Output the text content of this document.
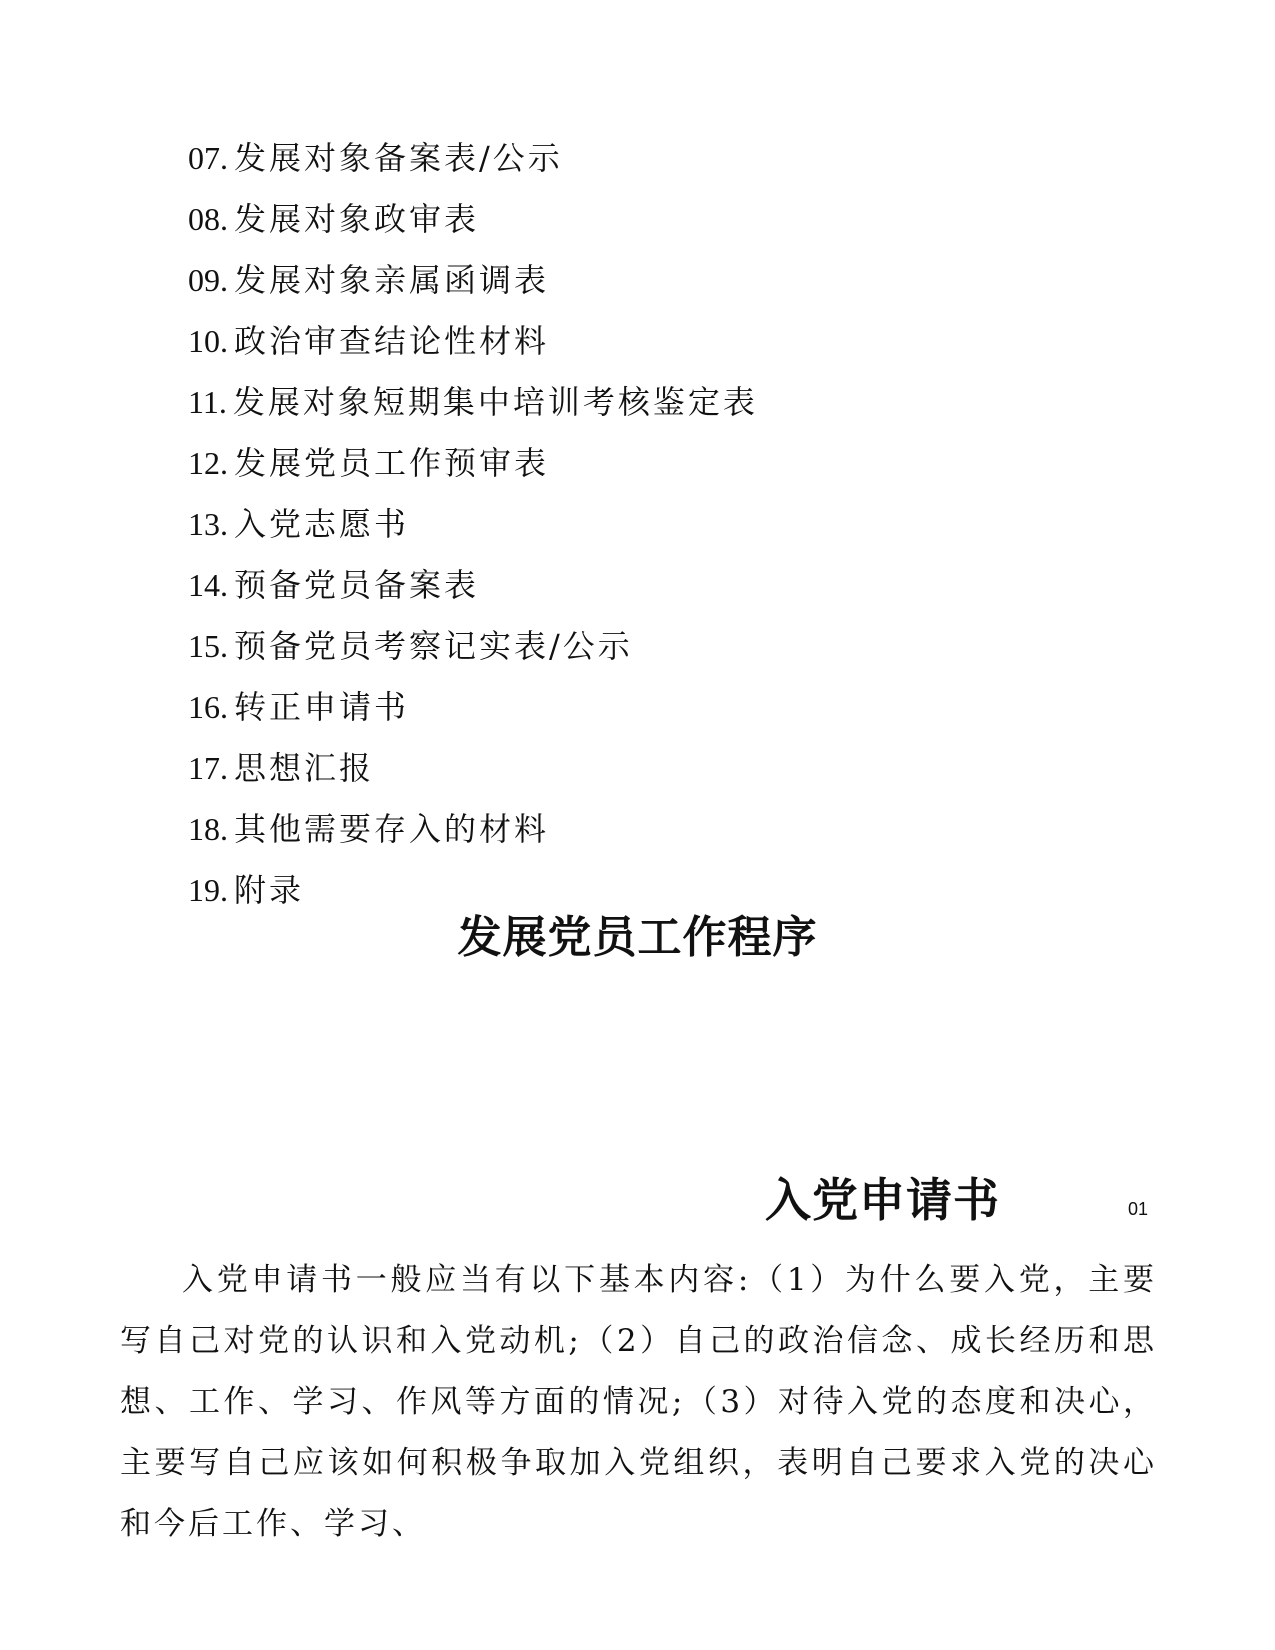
07. 发展对象备案表/公示
08. 发展对象政审表
09. 发展对象亲属函调表
10. 政治审查结论性材料
11. 发展对象短期集中培训考核鉴定表
12. 发展党员工作预审表
13. 入党志愿书
14. 预备党员备案表
15. 预备党员考察记实表/公示
16. 转正申请书
17. 思想汇报
18. 其他需要存入的材料
19. 附录
发展党员工作程序
入党申请书	01

入党申请书一般应当有以下基本内容:（1）为什么要入党，主要写自己对党的认识和入党动机;（2）自己的政治信念、成长经历和思想、工作、学习、作风等方面的情况;（3）对待入党的态度和决心，主要写自己应该如何积极争取加入党组织，表明自己要求入党的决心和今后工作、学习、
